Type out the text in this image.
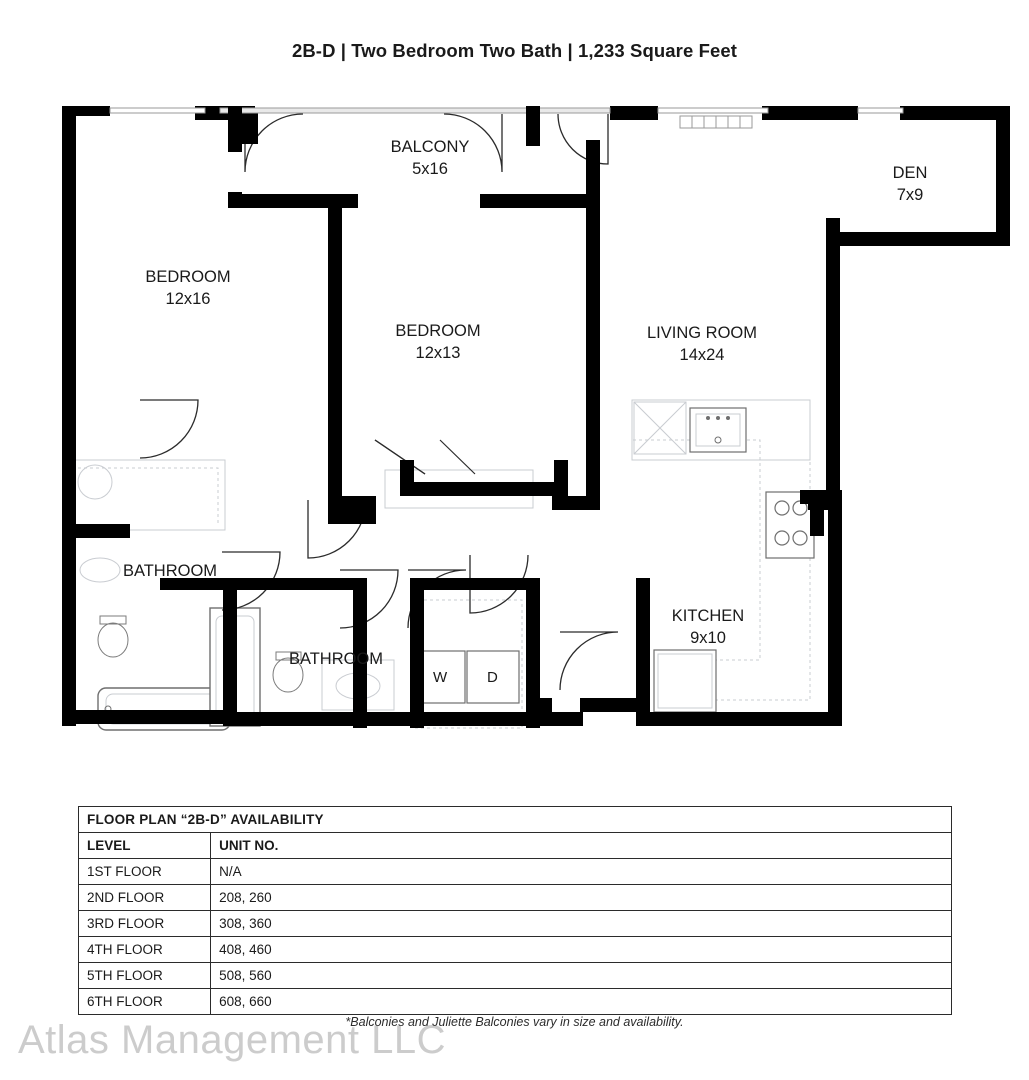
2B-D | Two Bedroom Two Bath | 1,233 Square Feet
BALCONY
5x16	DEN
7x9
BEDROOM
12x16
BEDROOM
12x13
LIVING ROOM
14x24
BATHROOM
BATHROOM
KITCHEN
9x10
W	D
FLOOR PLAN “2B-D” AVAILABILITY	
LEVEL	UNIT NO.
1ST FLOOR	N/A
2ND FLOOR	208, 260
3RD FLOOR	308, 360
4TH FLOOR	408, 460
5TH FLOOR	508, 560
6TH FLOOR	608, 660
*Balconies and Juliette Balconies vary in size and availability.
Atlas Management LLC
